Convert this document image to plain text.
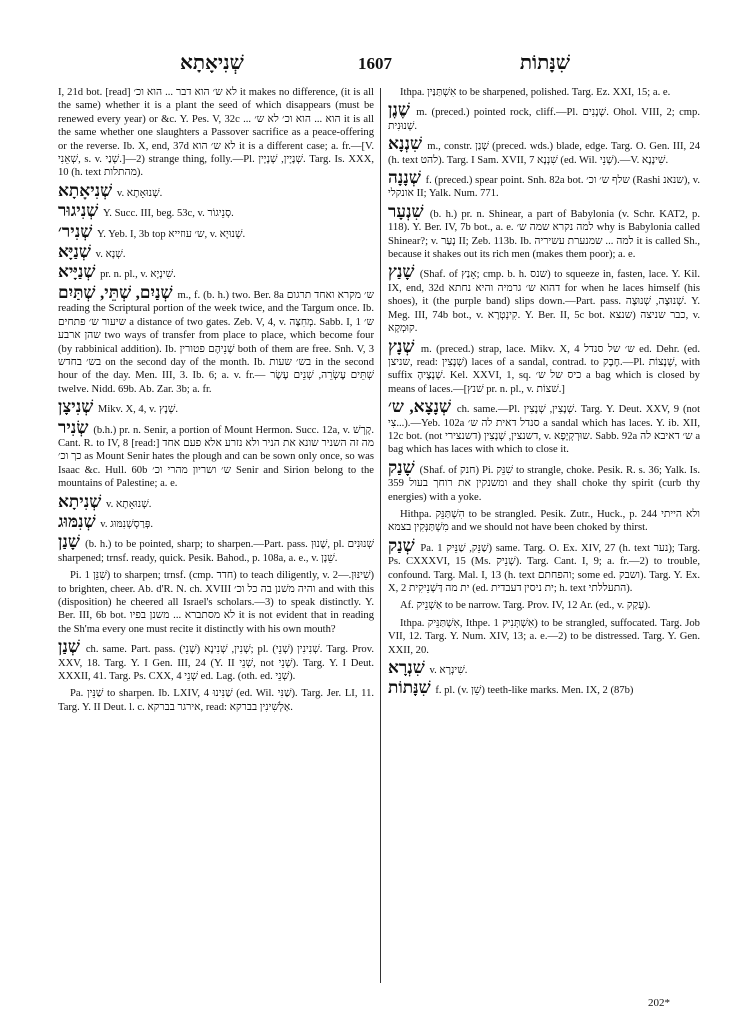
שְׁנִיאָתָא	1607	שִׁנָּתוֹת

I, 21d bot. [read] לא ש׳ הוא דבר ... הוא וכ׳ it makes no difference, (it is all the same) whether it is a plant the seed of which disappears (must be renewed every year) or &c. Y. Pes. V, 32c ... הוא ... הוא וכ׳ לא ש׳ it is all the same whether one slaughters a Passover sacrifice as a peace-offering or the reverse. Ib. X, end, 37d לא ש׳ הוא it is a different case; a. fr.—[V. שְׁאֵנִי, s. v. שְׁנַי.]—2) strange thing, folly.—Pl. שְׁנָיָין, שְׁנָיָין. Targ. Is. XXX, 10 (h. text מהתלות).

שְׁנִיאָתָא v. שְׁנוּאָתָא.

שְׁנִיגוּר Y. Succ. III, beg. 53c, v. סְנֵיגוֹר.

שְׁנִיר׳ Y. Yeb. I, 3b top ש׳ עוזייא, v. שְׁנוּיָא.

שְׁנַיָּא v. שְׁנָא.

שְׁנַיָּיא pr. n. pl., v. שִׁינְיָא.

שְׁנַיִם, שְׁתֵּי, שְׁתַּיִם m., f. (b. h.) two. Ber. 8a ש׳ מקרא ואחד תרגום reading the Scriptural portion of the week twice, and the Targum once. Ib. שיעור ש׳ פתחים a distance of two gates. Zeb. V, 4, v. מְחִצָּה. Sabb. I, 1 ש׳ שהן ארבע two ways of transfer from place to place, which become four (by rabbinical addition). Ib. שְׁנֵיהֶם פטורין both of them are free. Snh. V, 3 בש׳ בחדש on the second day of the month. Ib. בש׳ שעות in the second hour of the day. Men. III, 3. Ib. 6; a. v. fr.— שְׁתֵּים עֶשְׂרֵה, שְׁנֵים עָשָׂר twelve. Nidd. 69b. Ab. Zar. 3b; a. fr.

שְׁנִיצָן Mikv. X, 4, v. שְׁנָץ.

שְׂנִיר (b.h.) pr. n. Senir, a portion of Mount Hermon. Succ. 12a, v. קָרְשׁ. Cant. R. to IV, 8 [read:] מה זה השניר שונא את הניר ולא נזרע אלא פעם אחד כך וכ׳ as Mount Senir hates the plough and can be sown only once, so was Isaac &c. Hull. 60b ש׳ ושריון מהרי וכ׳ Senir and Sirion belong to the mountains of Palestine; a. e.

שְׁנִיתָא v. שְׁנוּאָתָא.

שְׁנִמּוּג v. פְּרַסְשְׁנִמּוּג.

שָׁנַן (b. h.) to be pointed, sharp; to sharpen.—Part. pass. שָׁנוּן, pl. שְׁנוּנִים sharpened; trnsf. ready, quick. Pesik. Bahod., p. 108a, a. e., v. שֵׁנָן.

Pi. שִׁנֵּן 1) to sharpen; trnsf. (cmp. חדד) to teach diligently, v. שִׁינּוּן.—2) to brighten, cheer. Ab. d'R. N. ch. XVIII והיה משׁנן בה כל וכ׳ and with this (disposition) he cheered all Israel's scholars.—3) to speak distinctly. Y. Ber. III, 6b bot. לא מסתברא ... משנן בפיו it is not evident that in reading the Sh'ma every one must recite it distinctly with his own mouth?

שְׁנַן ch. same. Part. pass. שְׁנִין, שְׁנִינָא (שְׁנֵי); pl. שְׁנִינִין (שְׁנֵי). Targ. Prov. XXV, 18. Targ. Y. I Gen. III, 24 (Y. II שְׁנֵי, not שְׁנֵי). Targ. Y. I Deut. XXXII, 41. Targ. Ps. CXX, 4 שְׁנֵי ed. Lag. (oth. ed. שְׁנֵי).

Pa. שַׁנֵּין to sharpen. Ib. LXIV, 4 שַׁנִּינוּ (ed. Wil. שַׁנִּי). Targ. Jer. LI, 11. Targ. Y. II Deut. l. c. אירגר בברקא, read: אַלְשִׁינִין בברקא.

Ithpa. אִשְׁתַּנַּין to be sharpened, polished. Targ. Ez. XXI, 15; a. e.

שֶׁנֶן m. (preced.) pointed rock, cliff.—Pl. שְׁנָנִים. Ohol. VIII, 2; cmp. שְׁנוּנִית.

שִׁנְנָא m., constr. שְׁנַן (preced. wds.) blade, edge. Targ. O. Gen. III, 24 (h. text להט). Targ. I Sam. XVII, 7 שִׁנְנָא (ed. Wil. שְׁנֵי).—V. שִׁינָנָא.

שְׁנָנָה f. (preced.) spear point. Snh. 82a bot. שלף ש׳ וכ׳ (Rashi שנאנ), v. אונקלי II; Yalk. Num. 771.

שִׁנְעָר (b. h.) pr. n. Shinear, a part of Babylonia (v. Schr. KAT2, p. 118). Y. Ber. IV, 7b bot., a. e. למה נקרא שמה ש׳ why is Babylonia called Shinear?; v. נְעַר II; Zeb. 113b. Ib. למה ... שמנערת עשיריה it is called Sh., because it shakes out its rich men (makes them poor); a. e.

שָׁנַץ (Shaf. of אָנַץ; cmp. b. h. שנס) to squeeze in, fasten, lace. Y. Kil. IX, end, 32d דהוא ש׳ גרמיה והיא נחתא for when he laces himself (his shoes), it (the purple band) slips down.—Part. pass. שְׁנוּצָה, שְׁנוּצָה. Y. Meg. III, 74b bot., v. קִינְטְרָא. Y. Ber. II, 5c bot. כבר שניצה (שנצא, v. קוּמְקָא.

שְׁנָץ m. (preced.) strap, lace. Mikv. X, 4 ש׳ של סנדל ed. Dehr. (ed. שניצן, read: שְׁנָצִין) laces of a sandal, contrad. to חֶבֶק.—Pl. שְׁנָצוֹת, with suffix שְׁנָצֶיהָ. Kel. XXVI, 1, sq. כיס של ש׳ a bag which is closed by means of laces.—[שׁנץ pr. n. pl., v. שׁצוֹת.]

שְׁנָצָא, ש׳ ch. same.—Pl. שְׁנָצִין, שְׁנָצִין. Targ. Y. Deut. XXV, 9 (not צִי...).—Yeb. 102a סנדל דאית לה ש׳ a sandal which has laces. Y. ib. XII, 12c bot. (not דשנצין, שְׁנָצִין (דשנצירי, v. שוּרְקְיָפָא. Sabb. 92a ש׳ דאיבא לה a bag which has laces with which to close it.

שָׁנַק (Shaf. of חנק) Pi. שִׁנֵּק to strangle, choke. Pesik. R. s. 36; Yalk. Is. 359 ומשנקין את רוחך בעול and they shall choke thy spirit (curb thy energies) with a yoke.

Hithpa. הִשְׁתַּנֵּק to be strangled. Pesik. Zutr., Huck., p. 244 ולא הייתי מִשְׁתַּנְּקִין בצמא and we should not have been choked by thirst.

שְׁנַק Pa. שַׁנֵּק, שַׁנֵּיק 1) same. Targ. O. Ex. XIV, 27 (h. text נער); Targ. Ps. CXXXVI, 15 (Ms. שְׁנֵיק). Targ. Cant. I, 9; a. fr.—2) to trouble, confound. Targ. Mal. I, 13 (h. text והפחתם; some ed. ושבק). Targ. Y. Ex. X, 2 ית מה דַּשְׁנֵיקִית (ed. ית ניסין דעבדית; h. text התעללתי).

Af. אַשְׁנֵיק to be narrow. Targ. Prov. IV, 12 Ar. (ed., v. עָקַק).

Ithpa. אִשְׁתַּנֵּיק, Ithpe. אִשְׁתְּנִיק 1) to be strangled, suffocated. Targ. Job VII, 12. Targ. Y. Num. XIV, 13; a. e.—2) to be distressed. Targ. Y. Gen. XXII, 20.

שִׁנְרָא v. שִׁינְרָא.

שִׁנָּתוֹת f. pl. (v. שֵׁן) teeth-like marks. Men. IX, 2 (87b)

202*
